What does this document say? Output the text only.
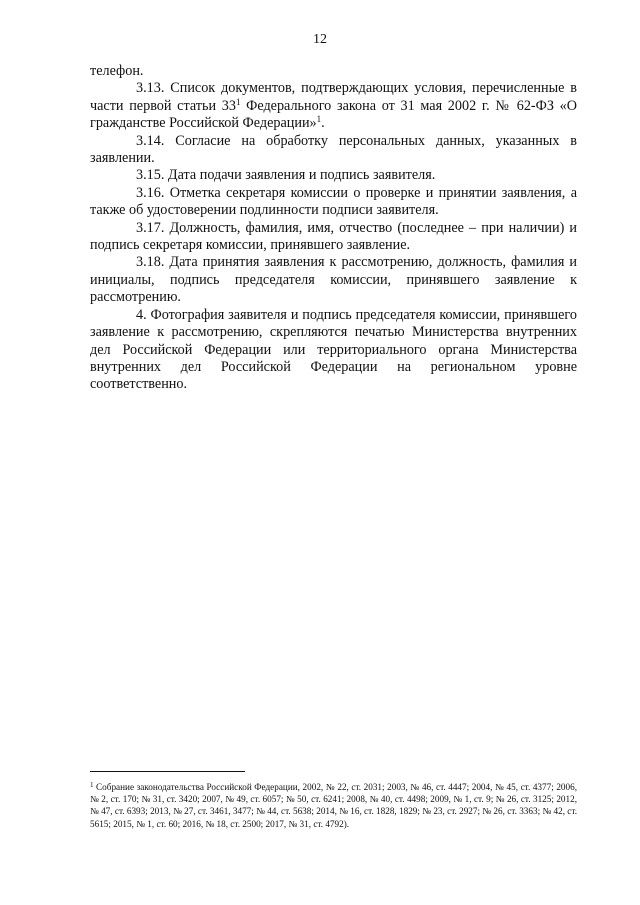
12

телефон.

3.13. Список документов, подтверждающих условия, перечисленные в части первой статьи $33^1$ Федерального закона от 31 мая 2002 г. № 62-ФЗ «О гражданстве Российской Федерации»$^1$.

3.14. Согласие на обработку персональных данных, указанных в заявлении.

3.15. Дата подачи заявления и подпись заявителя.

3.16. Отметка секретаря комиссии о проверке и принятии заявления, а также об удостоверении подлинности подписи заявителя.

3.17. Должность, фамилия, имя, отчество (последнее – при наличии) и подпись секретаря комиссии, принявшего заявление.

3.18. Дата принятия заявления к рассмотрению, должность, фамилия и инициалы, подпись председателя комиссии, принявшего заявление к рассмотрению.

4. Фотография заявителя и подпись председателя комиссии, принявшего заявление к рассмотрению, скрепляются печатью Министерства внутренних дел Российской Федерации или территориального органа Министерства внутренних дел Российской Федерации на региональном уровне соответственно.

$^1$ Собрание законодательства Российской Федерации, 2002, № 22, ст. 2031; 2003, № 46, ст. 4447; 2004, № 45, ст. 4377; 2006, № 2, ст. 170; № 31, ст. 3420; 2007, № 49, ст. 6057; № 50, ст. 6241; 2008, № 40, ст. 4498; 2009, № 1, ст. 9; № 26, ст. 3125; 2012, № 47, ст. 6393; 2013, № 27, ст. 3461, 3477; № 44, ст. 5638; 2014, № 16, ст. 1828, 1829; № 23, ст. 2927; № 26, ст. 3363; № 42, ст. 5615; 2015, № 1, ст. 60; 2016, № 18, ст. 2500; 2017, № 31, ст. 4792).
